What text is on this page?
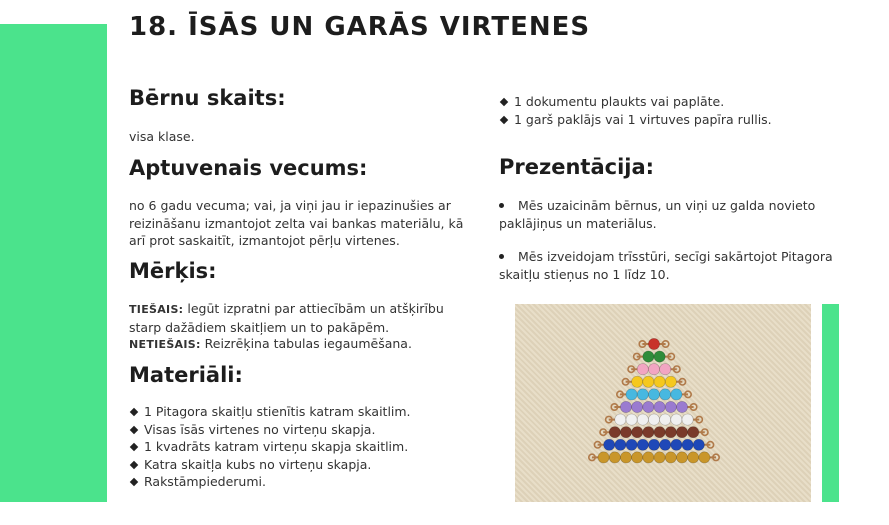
18. ĪSĀS UN GARĀS VIRTENES
Bērnu skaits:

visa klase.

Aptuvenais vecums:

no 6 gadu vecuma; vai, ja viņi jau ir iepazinušies ar reizināšanu izmantojot zelta vai bankas materiālu, kā arī prot saskaitīt, izmantojot pērļu virtenes.

Mērķis:

TIEŠAIS: legūt izpratni par attiecībām un atšķirību starp dažādiem skaitļiem un to pakāpēm.

NETIEŠAIS: Reizrēķina tabulas iegaumēšana.

Materiāli:
1 Pitagora skaitļu stienītis katram skaitlim.
Visas īsās virtenes no virteņu skapja.
1 kvadrāts katram virteņu skapja skaitlim.
Katra skaitļa kubs no virteņu skapja.
Rakstāmpiederumi.
1 dokumentu plaukts vai paplāte.
1 garš paklājs vai 1 virtuves papīra rullis.
Prezentācija:

Mēs uzaicinām bērnus, un viņi uz galda novieto paklājiņus un materiālus.

Mēs izveidojam trīsstūri, secīgi sakārtojot Pitagora skaitļu stieņus no 1 līdz 10.
